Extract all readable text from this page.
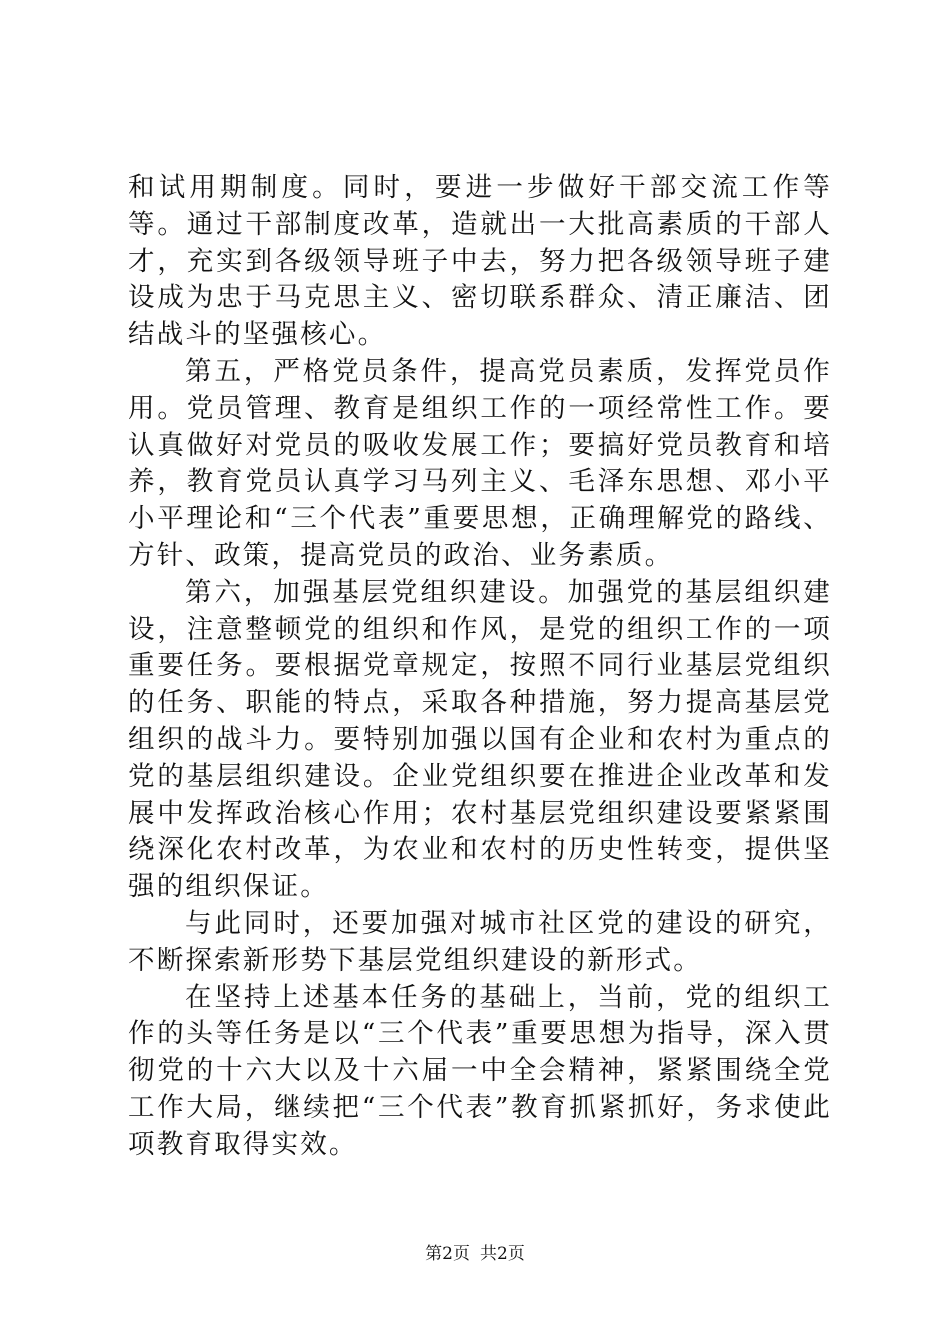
和试用期制度。同时，要进一步做好干部交流工作等等。通过干部制度改革，造就出一大批高素质的干部人才，充实到各级领导班子中去，努力把各级领导班子建设成为忠于马克思主义、密切联系群众、清正廉洁、团结战斗的坚强核心。

第五，严格党员条件，提高党员素质，发挥党员作用。党员管理、教育是组织工作的一项经常性工作。要认真做好对党员的吸收发展工作；要搞好党员教育和培养，教育党员认真学习马列主义、毛泽东思想、邓小平小平理论和“三个代表”重要思想，正确理解党的路线、方针、政策，提高党员的政治、业务素质。

第六，加强基层党组织建设。加强党的基层组织建设，注意整顿党的组织和作风，是党的组织工作的一项重要任务。要根据党章规定，按照不同行业基层党组织的任务、职能的特点，采取各种措施，努力提高基层党组织的战斗力。要特别加强以国有企业和农村为重点的党的基层组织建设。企业党组织要在推进企业改革和发展中发挥政治核心作用；农村基层党组织建设要紧紧围绕深化农村改革，为农业和农村的历史性转变，提供坚强的组织保证。

与此同时，还要加强对城市社区党的建设的研究，不断探索新形势下基层党组织建设的新形式。

在坚持上述基本任务的基础上，当前，党的组织工作的头等任务是以“三个代表”重要思想为指导，深入贯彻党的十六大以及十六届一中全会精神，紧紧围绕全党工作大局，继续把“三个代表”教育抓紧抓好，务求使此项教育取得实效。

第2页 共2页
